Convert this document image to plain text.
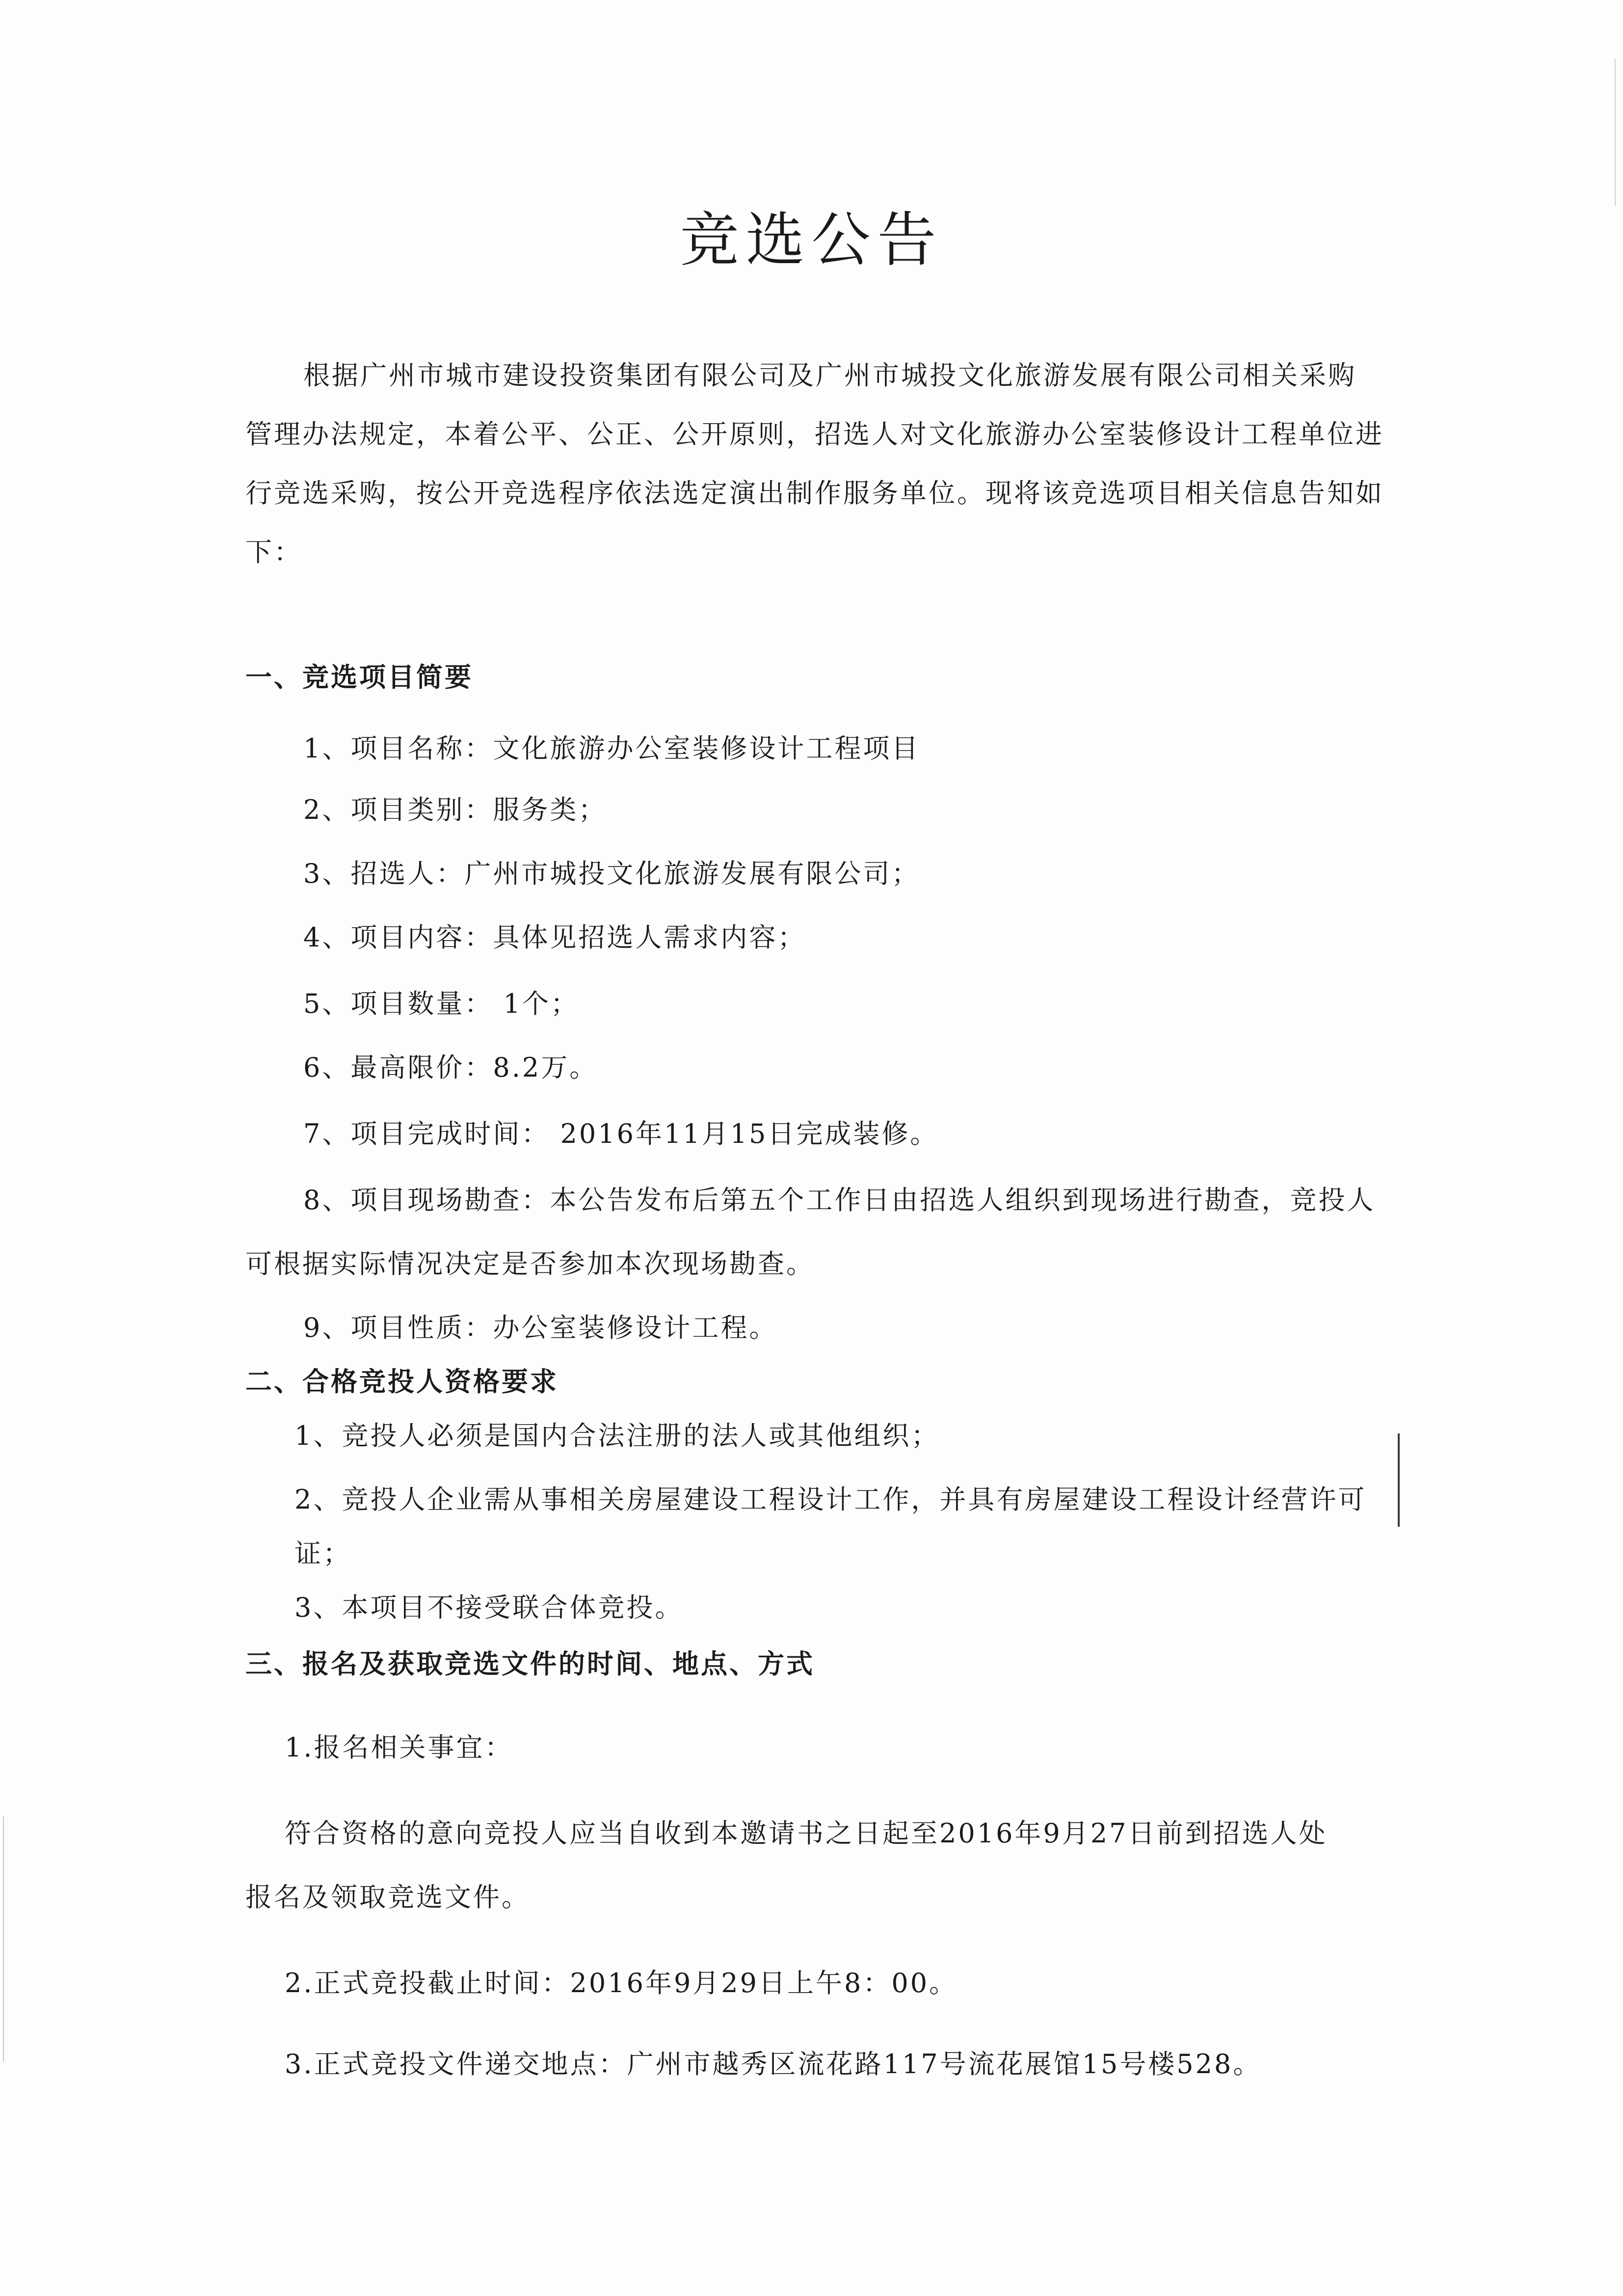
竞选公告
根据广州市城市建设投资集团有限公司及广州市城投文化旅游发展有限公司相关采购
管理办法规定，本着公平、公正、公开原则，招选人对文化旅游办公室装修设计工程单位进
行竞选采购，按公开竞选程序依法选定演出制作服务单位。现将该竞选项目相关信息告知如
下：
一、竞选项目简要
1、项目名称：文化旅游办公室装修设计工程项目
2、项目类别：服务类；
3、招选人：广州市城投文化旅游发展有限公司；
4、项目内容：具体见招选人需求内容；
5、项目数量： 1个；
6、最高限价：8.2万。
7、项目完成时间： 2016年11月15日完成装修。
8、项目现场勘查：本公告发布后第五个工作日由招选人组织到现场进行勘查，竞投人
可根据实际情况决定是否参加本次现场勘查。
9、项目性质：办公室装修设计工程。
二、合格竞投人资格要求
1、竞投人必须是国内合法注册的法人或其他组织；
2、竞投人企业需从事相关房屋建设工程设计工作，并具有房屋建设工程设计经营许可
证；
3、本项目不接受联合体竞投。
三、报名及获取竞选文件的时间、地点、方式
1.报名相关事宜：
符合资格的意向竞投人应当自收到本邀请书之日起至2016年9月27日前到招选人处
报名及领取竞选文件。
2.正式竞投截止时间：2016年9月29日上午8：00。
3.正式竞投文件递交地点：广州市越秀区流花路117号流花展馆15号楼528。
